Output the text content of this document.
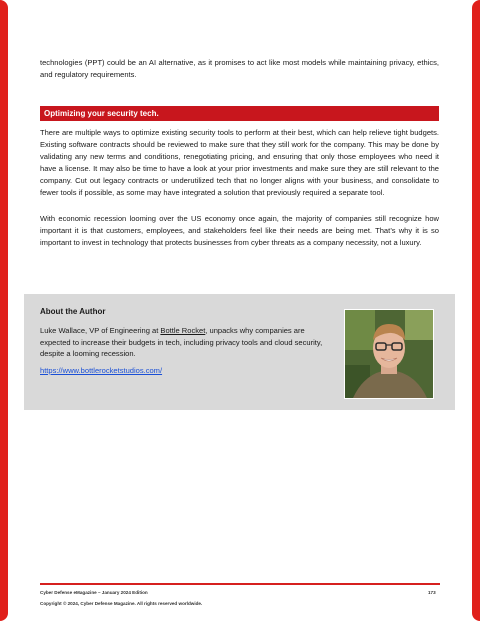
technologies (PPT) could be an AI alternative, as it promises to act like most models while maintaining privacy, ethics, and regulatory requirements.

Optimizing your security tech.

There are multiple ways to optimize existing security tools to perform at their best, which can help relieve tight budgets. Existing software contracts should be reviewed to make sure that they still work for the company. This may be done by validating any new terms and conditions, renegotiating pricing, and ensuring that only those employees who need it have a license. It may also be time to have a look at your prior investments and make sure they are still relevant to the company. Cut out legacy contracts or underutilized tech that no longer aligns with your business, and consolidate to fewer tools if possible, as some may have integrated a solution that previously required a separate tool.

With economic recession looming over the US economy once again, the majority of companies still recognize how important it is that customers, employees, and stakeholders feel like their needs are being met. That’s why it is so important to invest in technology that protects businesses from cyber threats as a company necessity, not a luxury.

About the Author

Luke Wallace, VP of Engineering at Bottle Rocket, unpacks why companies are expected to increase their budgets in tech, including privacy tools and cloud security, despite a looming recession.

https://www.bottlerocketstudios.com/
Cyber Defense eMagazine – January 2024 Edition	173
Copyright © 2024, Cyber Defense Magazine. All rights reserved worldwide.
